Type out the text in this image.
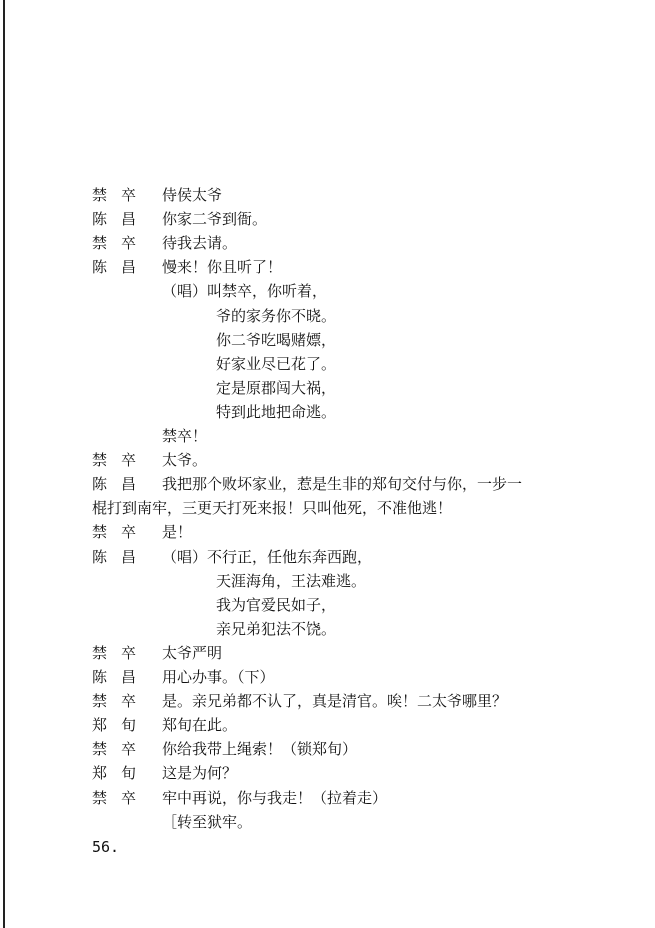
禁卒 侍侯太爷
陈昌 你家二爷到衙。
禁卒 待我去请。
陈昌 慢来！你且听了！
（唱）叫禁卒，你听着，
爷的家务你不晓。
你二爷吃喝赌嫖，
好家业尽已花了。
定是原郡闯大祸，
特到此地把命逃。
禁卒！
禁卒 太爷。
陈昌 我把那个败坏家业，惹是生非的郑旬交付与你，一步一
棍打到南牢，三更天打死来报！只叫他死，不准他逃！
禁卒 是！
陈昌 （唱）不行正，任他东奔西跑，
天涯海角，王法难逃。
我为官爱民如子，
亲兄弟犯法不饶。
禁卒 太爷严明
陈昌 用心办事。（下）
禁卒 是。亲兄弟都不认了，真是清官。唉！二太爷哪里？
郑旬 郑旬在此。
禁卒 你给我带上绳索！（锁郑旬）
郑旬 这是为何？
禁卒 牢中再说，你与我走！（拉着走）
［转至狱牢。
56.
